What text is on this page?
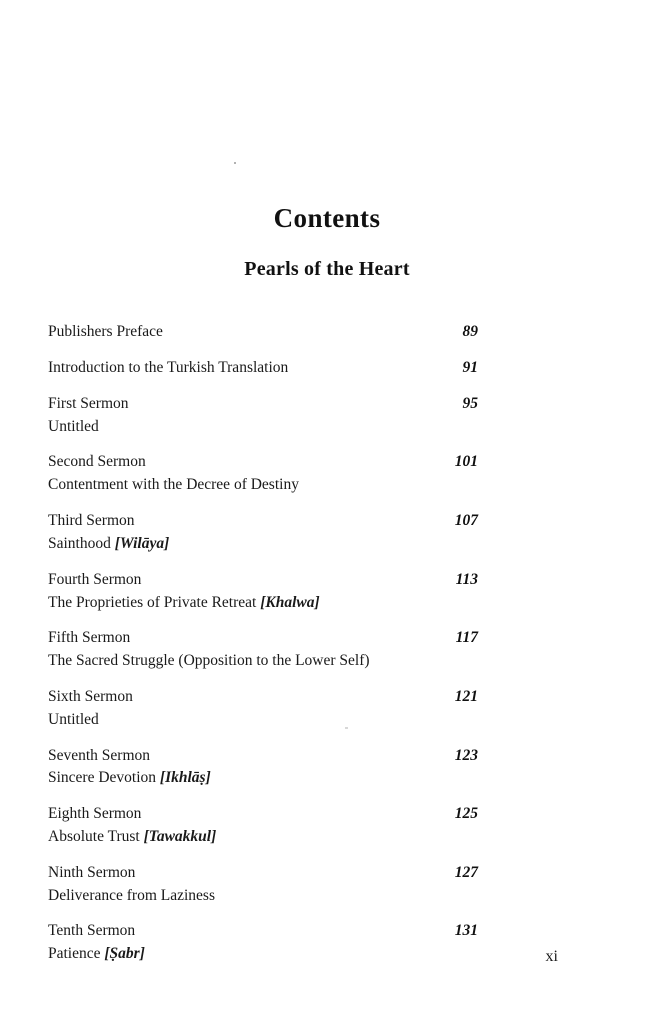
Contents
Pearls of the Heart
Publishers Preface	89
Introduction to the Turkish Translation	91
First Sermon	95
Untitled
Second Sermon	101
Contentment with the Decree of Destiny
Third Sermon	107
Sainthood [Wilāya]
Fourth Sermon	113
The Proprieties of Private Retreat [Khalwa]
Fifth Sermon	117
The Sacred Struggle (Opposition to the Lower Self)
Sixth Sermon	121
Untitled
Seventh Sermon	123
Sincere Devotion [Ikhlāṣ]
Eighth Sermon	125
Absolute Trust [Tawakkul]
Ninth Sermon	127
Deliverance from Laziness
Tenth Sermon	131
Patience [Ṣabr]	xi
